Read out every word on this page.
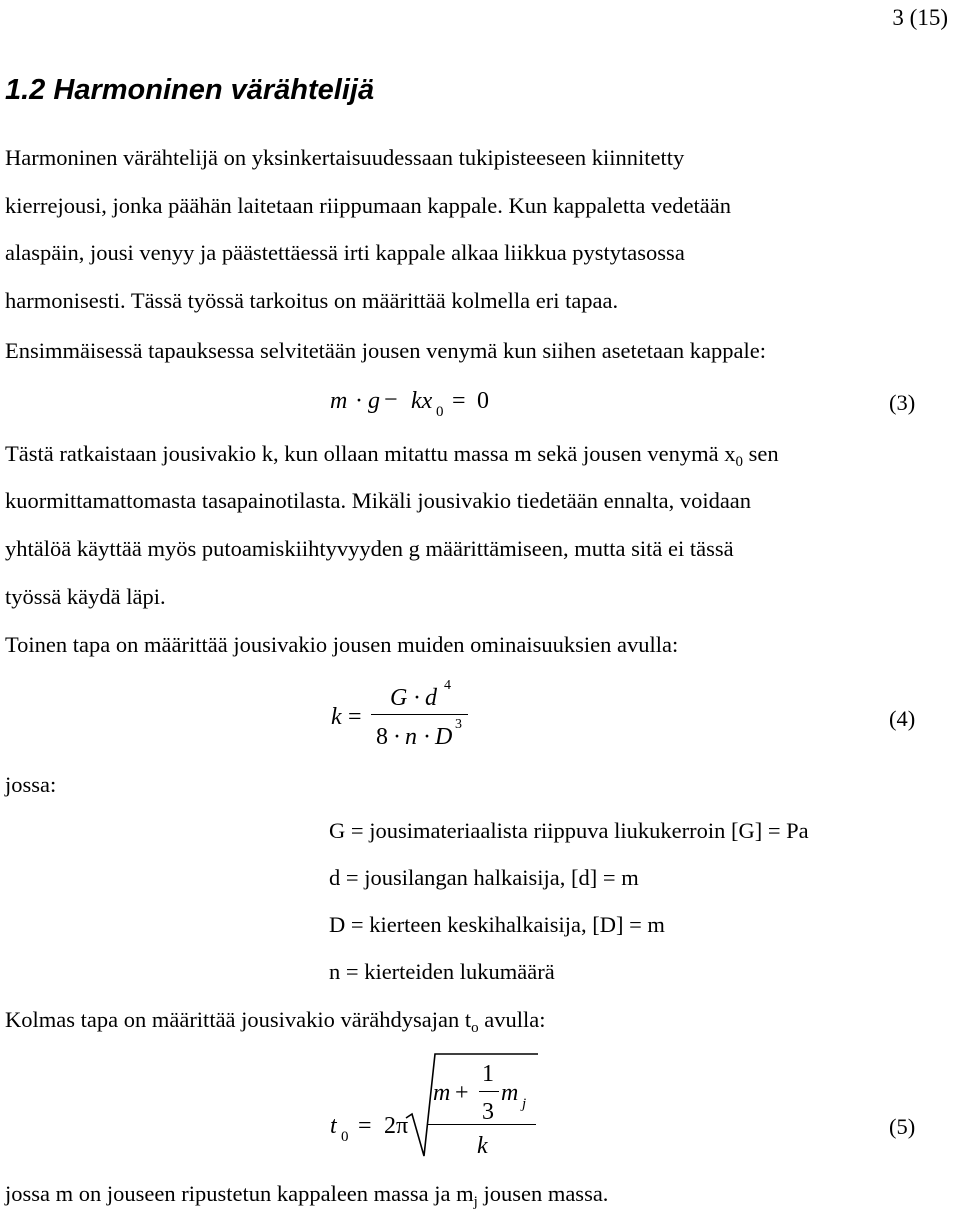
3 (15)
1.2 Harmoninen värähtelijä
Harmoninen värähtelijä on yksinkertaisuudessaan tukipisteeseen kiinnitetty
kierrejousi, jonka päähän laitetaan riippumaan kappale. Kun kappaletta vedetään
alaspäin, jousi venyy ja päästettäessä irti kappale alkaa liikkua pystytasossa
harmonisesti. Tässä työssä tarkoitus on määrittää kolmella eri tapaa.
Ensimmäisessä tapauksessa selvitetään jousen venymä kun siihen asetetaan kappale:
m · g − kx 0 = 0	(3)
Tästä ratkaistaan jousivakio k, kun ollaan mitattu massa m sekä jousen venymä $x_0$ sen
kuormittamattomasta tasapainotilasta. Mikäli jousivakio tiedetään ennalta, voidaan
yhtälöä käyttää myös putoamiskiihtyvyyden g määrittämiseen, mutta sitä ei tässä
työssä käydä läpi.
Toinen tapa on määrittää jousivakio jousen muiden ominaisuuksien avulla:
k =
G · d 4
8 · n · D 3	(4)
jossa:
G = jousimateriaalista riippuva liukukerroin [G] = Pa
d = jousilangan halkaisija, [d] = m
D = kierteen keskihalkaisija, [D] = m
n = kierteiden lukumäärä
Kolmas tapa on määrittää jousivakio värähdysajan $t_o$ avulla:
t 0 = 2π
m +
1
3
m j
k
(5)
jossa m on jouseen ripustetun kappaleen massa ja $m_j$ jousen massa.
